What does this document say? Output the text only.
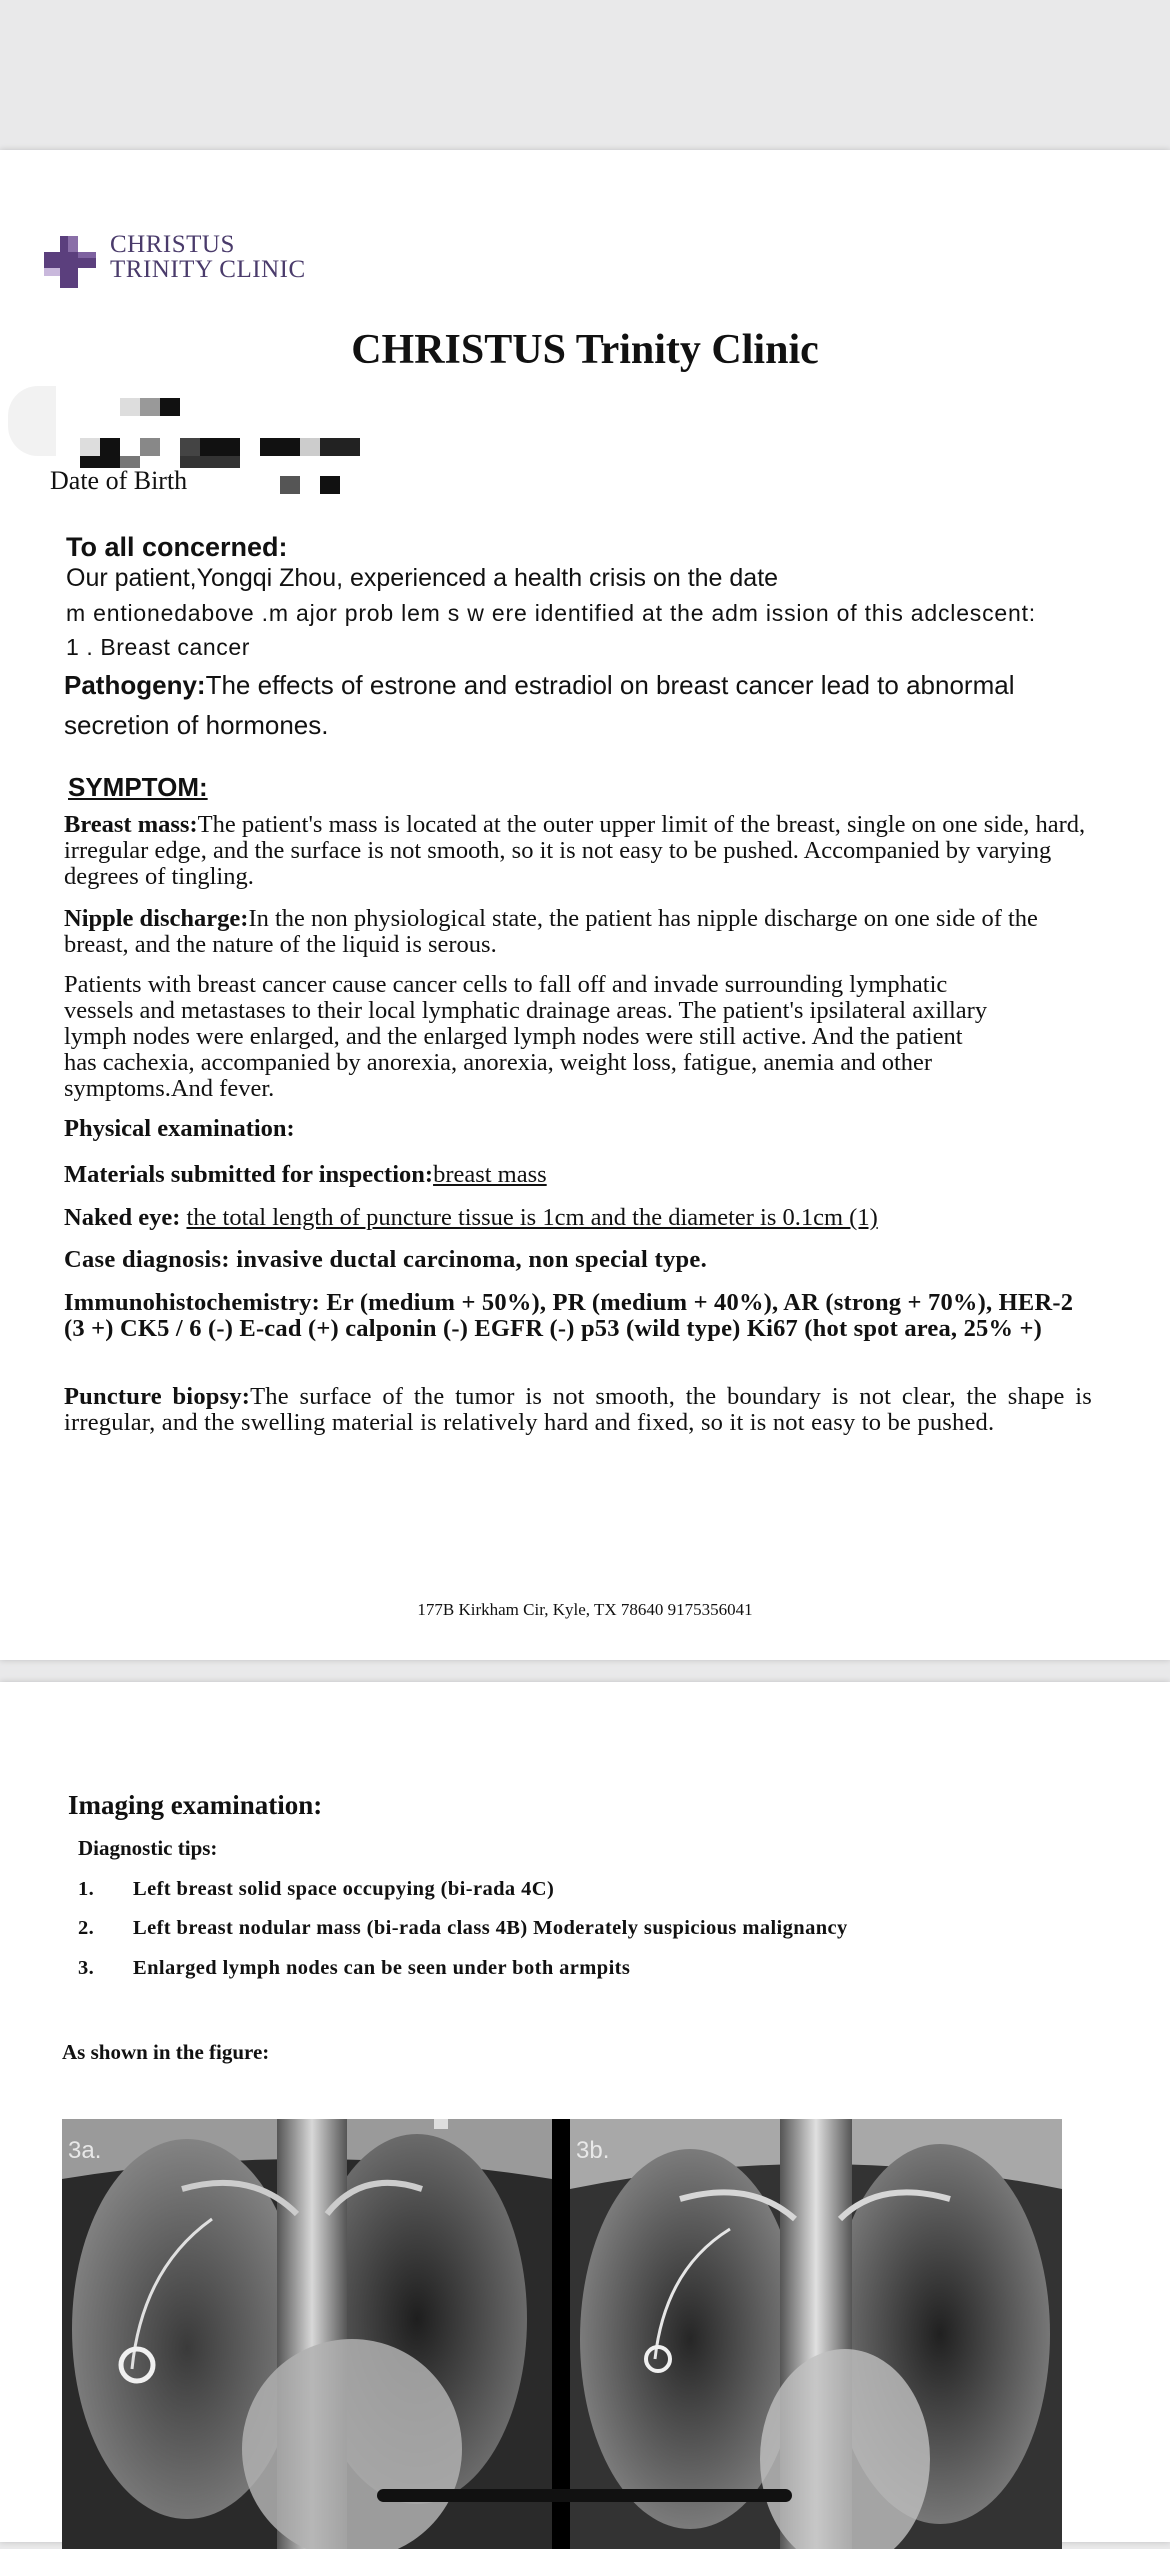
CHRISTUS
TRINITY CLINIC
CHRISTUS Trinity Clinic
Date of Birth
To all concerned:
Our patient,Yongqi Zhou, experienced a health crisis on the date
m entionedabove .m ajor prob lem s w ere identified at the adm ission of this adclescent:
1 . Breast cancer
Pathogeny:The effects of estrone and estradiol on breast cancer lead to abnormal secretion of hormones.
SYMPTOM:
Breast mass:The patient's mass is located at the outer upper limit of the breast, single on one side, hard, irregular edge, and the surface is not smooth, so it is not easy to be pushed. Accompanied by varying degrees of tingling.
Nipple discharge:In the non physiological state, the patient has nipple discharge on one side of the breast, and the nature of the liquid is serous.
Patients with breast cancer cause cancer cells to fall off and invade surrounding lymphatic vessels and metastases to their local lymphatic drainage areas. The patient's ipsilateral axillary lymph nodes were enlarged, and the enlarged lymph nodes were still active. And the patient has cachexia, accompanied by anorexia, anorexia, weight loss, fatigue, anemia and other symptoms.And fever.
Physical examination:
Materials submitted for inspection:breast mass
Naked eye: the total length of puncture tissue is 1cm and the diameter is 0.1cm (1)
Case diagnosis: invasive ductal carcinoma, non special type.
Immunohistochemistry: Er (medium + 50%), PR (medium + 40%), AR (strong + 70%), HER-2 (3 +) CK5 / 6 (-) E-cad (+) calponin (-) EGFR (-) p53 (wild type) Ki67 (hot spot area, 25% +)
Puncture biopsy:The surface of the tumor is not smooth, the boundary is not clear, the shape is irregular, and the swelling material is relatively hard and fixed, so it is not easy to be pushed.
177B Kirkham Cir, Kyle, TX 78640 9175356041
Imaging examination:
Diagnostic tips:
1. Left breast solid space occupying (bi-rada 4C)
2. Left breast nodular mass (bi-rada class 4B) Moderately suspicious malignancy
3. Enlarged lymph nodes can be seen under both armpits
As shown in the figure:
3a.	3b.
